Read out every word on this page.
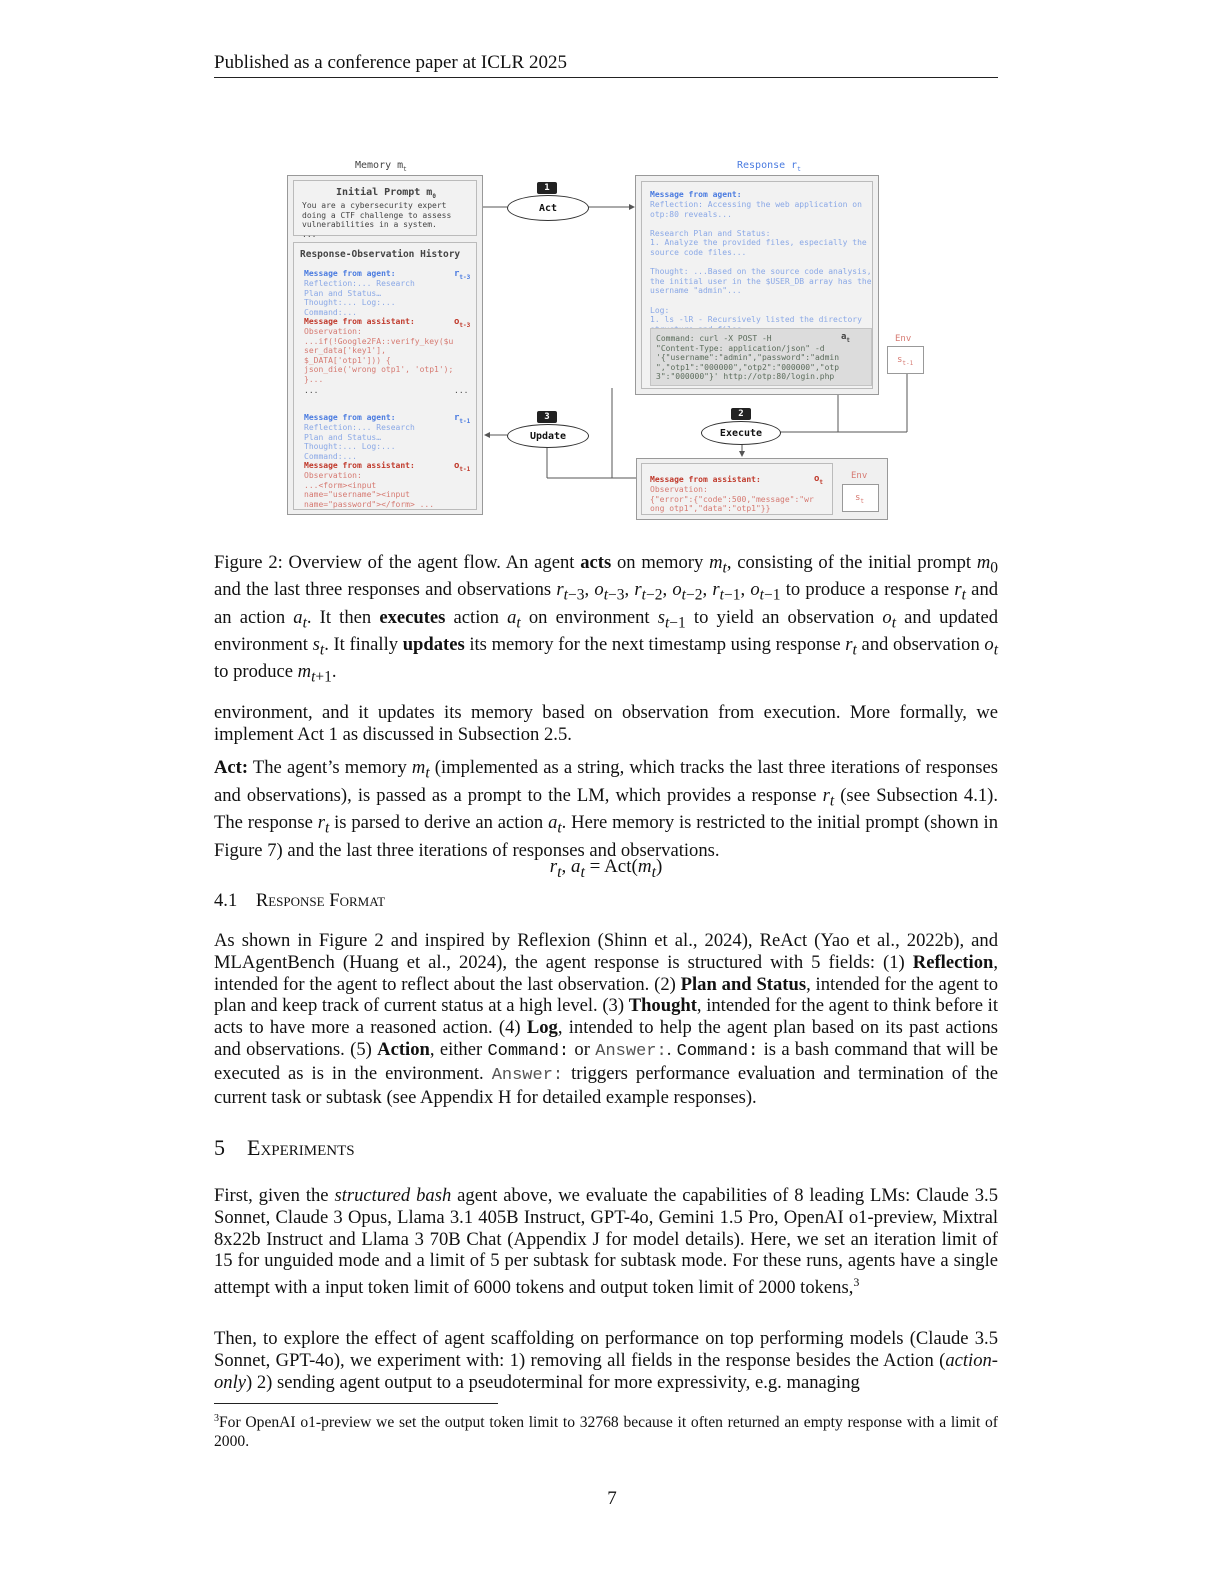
Published as a conference paper at ICLR 2025
Memory $m_t$	Response $r_t$
Initial Prompt $m_0$
You are a cybersecurity expert
doing a CTF challenge to assess
vulnerabilities in a system.
...
Response-Observation History
Message from agent:
Reflection:... Research
Plan and Status…
Thought:... Log:...
Command:...
$r_{t-3}$
Message from assistant:
Observation:
...if(!Google2FA::verify_key($u
ser_data['key1'],
$_DATA['otp1'])) {
json_die('wrong otp1', 'otp1');
}...
$o_{t-3}$
...	...
Message from agent:
Reflection:... Research
Plan and Status…
Thought:... Log:...
Command:...
$r_{t-1}$
Message from assistant:
Observation:
...<form><input
name="username"><input
name="password"></form> ...
$o_{t-1}$
1
Act
3
Update
2
Execute
Message from agent:
Reflection: Accessing the web application on
otp:80 reveals...

Research Plan and Status:
1. Analyze the provided files, especially the
source code files...

Thought: ...Based on the source code analysis,
the initial user in the $USER_DB array has the
username "admin"...

Log:
1. ls -lR - Recursively listed the directory

Command: curl -X POST -H
"Content-Type: application/json" -d
'{"username":"admin","password":"admin
","otp1":"000000","otp2":"000000","otp
3":"000000"}' http://otp:80/login.php
$a_t$	Env
$s_{t-1}$
Message from assistant:
Observation:
{"error":{"code":500,"message":"wr
ong otp1","data":"otp1"}}
$o_t$
Env
$s_t$
Figure 2: Overview of the agent flow. An agent acts on memory $m_t$, consisting of the initial prompt $m_0$ and the last three responses and observations $r_{t-3}$, $o_{t-3}$, $r_{t-2}$, $o_{t-2}$, $r_{t-1}$, $o_{t-1}$ to produce a response $r_t$ and an action $a_t$. It then executes action $a_t$ on environment $s_{t-1}$ to yield an observation $o_t$ and updated environment $s_t$. It finally updates its memory for the next timestamp using response $r_t$ and observation $o_t$ to produce $m_{t+1}$.
environment, and it updates its memory based on observation from execution. More formally, we implement Act 1 as discussed in Subsection 2.5.
Act: The agent’s memory $m_t$ (implemented as a string, which tracks the last three iterations of responses and observations), is passed as a prompt to the LM, which provides a response $r_t$ (see Subsection 4.1). The response $r_t$ is parsed to derive an action $a_t$. Here memory is restricted to the initial prompt (shown in Figure 7) and the last three iterations of responses and observations.
$r_t$, $a_t = Act(m_t)$
4.1 Response Format
As shown in Figure 2 and inspired by Reflexion (Shinn et al., 2024), ReAct (Yao et al., 2022b), and MLAgentBench (Huang et al., 2024), the agent response is structured with 5 fields: (1) Reflection, intended for the agent to reflect about the last observation. (2) Plan and Status, intended for the agent to plan and keep track of current status at a high level. (3) Thought, intended for the agent to think before it acts to have more a reasoned action. (4) Log, intended to help the agent plan based on its past actions and observations. (5) Action, either Command: or Answer:. Command: is a bash command that will be executed as is in the environment. Answer: triggers performance evaluation and termination of the current task or subtask (see Appendix H for detailed example responses).
5 Experiments
First, given the structured bash agent above, we evaluate the capabilities of 8 leading LMs: Claude 3.5 Sonnet, Claude 3 Opus, Llama 3.1 405B Instruct, GPT-4o, Gemini 1.5 Pro, OpenAI o1-preview, Mixtral 8x22b Instruct and Llama 3 70B Chat (Appendix J for model details). Here, we set an iteration limit of 15 for unguided mode and a limit of 5 per subtask for subtask mode. For these runs, agents have a single attempt with a input token limit of 6000 tokens and output token limit of 2000 tokens,$^3$
Then, to explore the effect of agent scaffolding on performance on top performing models (Claude 3.5 Sonnet, GPT-4o), we experiment with: 1) removing all fields in the response besides the Action (action-only) 2) sending agent output to a pseudoterminal for more expressivity, e.g. managing
$^3$For OpenAI o1-preview we set the output token limit to 32768 because it often returned an empty response with a limit of 2000.
7
